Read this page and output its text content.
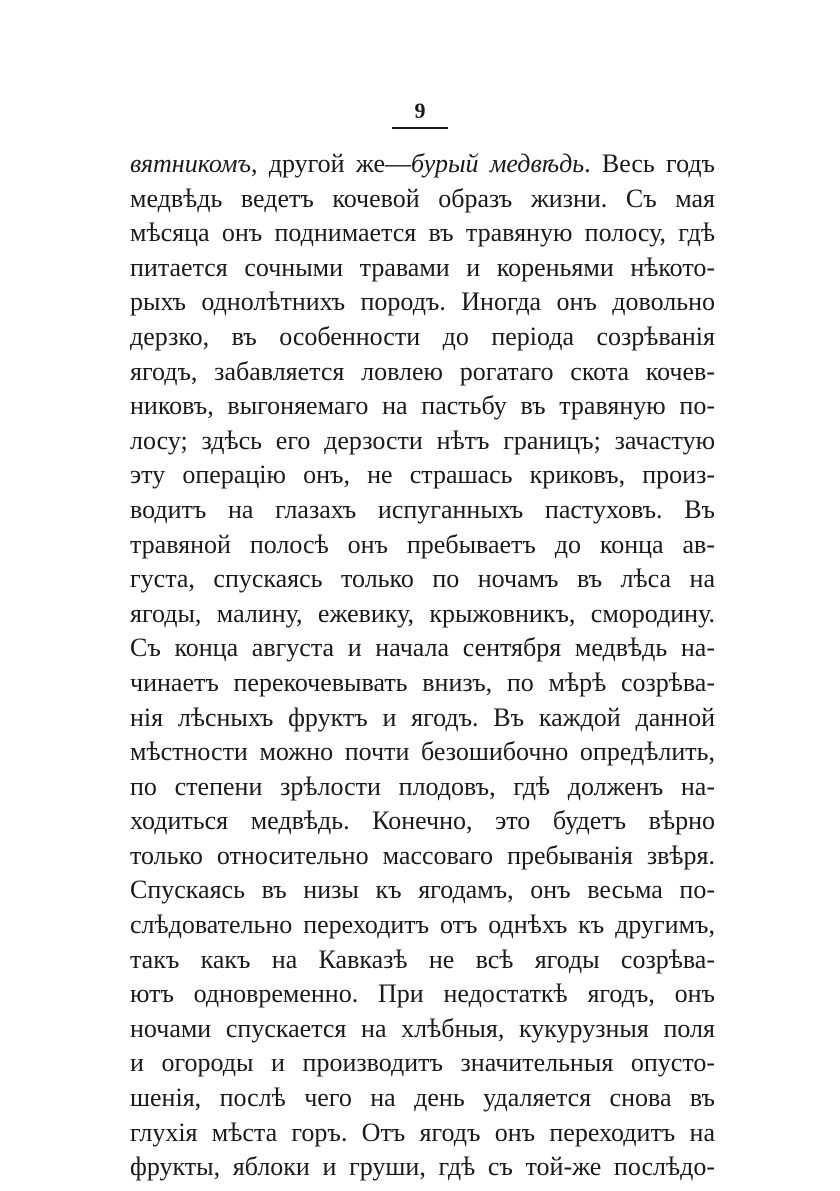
9
вятникомъ, другой же—бурый медвѣдь. Весь годъ
медвѣдь ведетъ кочевой образъ жизни. Съ мая
мѣсяца онъ поднимается въ травяную полосу, гдѣ
питается сочными травами и кореньями нѣкото-
рыхъ однолѣтнихъ породъ. Иногда онъ довольно
дерзко, въ особенности до періода созрѣванія
ягодъ, забавляется ловлею рогатаго скота кочев-
никовъ, выгоняемаго на пастьбу въ травяную по-
лосу; здѣсь его дерзости нѣтъ границъ; зачастую
эту операцію онъ, не страшась криковъ, произ-
водитъ на глазахъ испуганныхъ пастуховъ. Въ
травяной полосѣ онъ пребываетъ до конца ав-
густа, спускаясь только по ночамъ въ лѣса на
ягоды, малину, ежевику, крыжовникъ, смородину.
Съ конца августа и начала сентября медвѣдь на-
чинаетъ перекочевывать внизъ, по мѣрѣ созрѣва-
нія лѣсныхъ фруктъ и ягодъ. Въ каждой данной
мѣстности можно почти безошибочно опредѣлить,
по степени зрѣлости плодовъ, гдѣ долженъ на-
ходиться медвѣдь. Конечно, это будетъ вѣрно
только относительно массоваго пребыванія звѣря.
Спускаясь въ низы къ ягодамъ, онъ весьма по-
слѣдовательно переходитъ отъ однѣхъ къ другимъ,
такъ какъ на Кавказѣ не всѣ ягоды созрѣва-
ютъ одновременно. При недостаткѣ ягодъ, онъ
ночами спускается на хлѣбныя, кукурузныя поля
и огороды и производитъ значительныя опусто-
шенія, послѣ чего на день удаляется снова въ
глухія мѣста горъ. Отъ ягодъ онъ переходитъ на
фрукты, яблоки и груши, гдѣ съ той-же послѣдо-
